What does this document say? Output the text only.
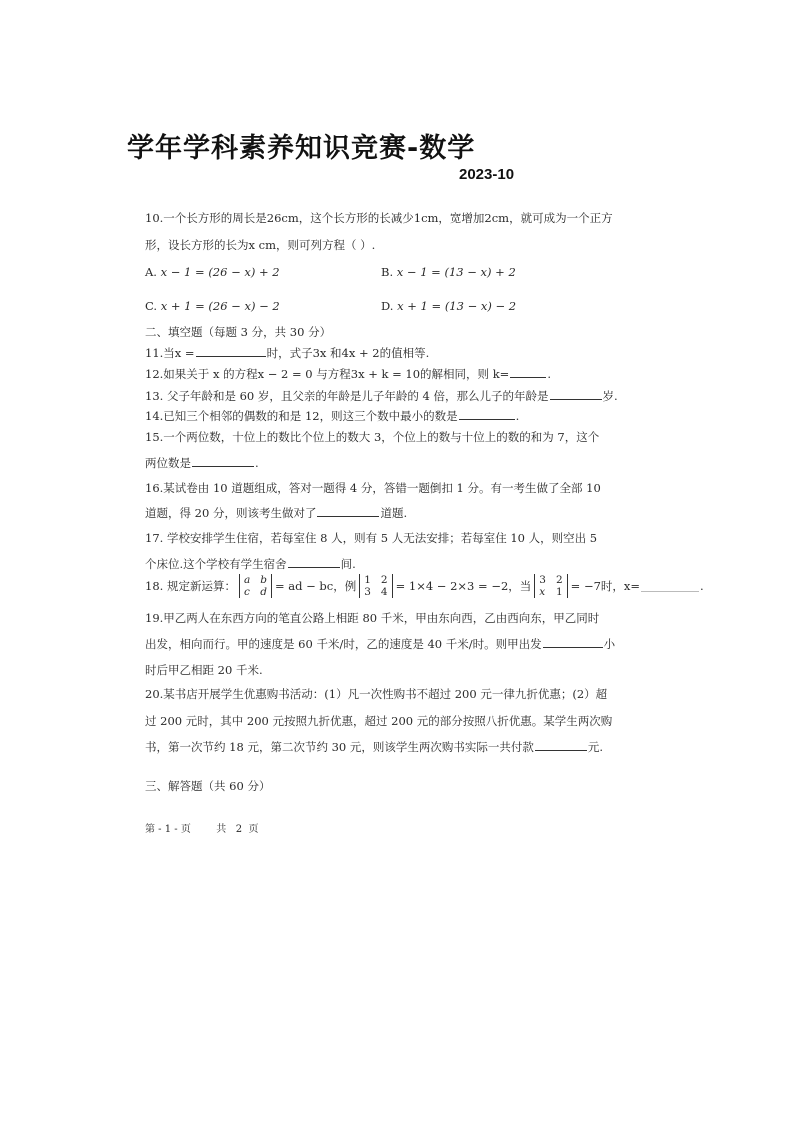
学年学科素养知识竞赛-数学
2023-10
10.一个长方形的周长是26cm，这个长方形的长减少1cm，宽增加2cm，就可成为一个正方
形，设长方形的长为x cm，则可列方程（ ）.
A. x − 1 = (26 − x) + 2	B. x − 1 = (13 − x) + 2
C. x + 1 = (26 − x) − 2	D. x + 1 = (13 − x) − 2
二、填空题（每题 3 分，共 30 分）
11.当x =	时，式子3x 和4x + 2的值相等.
12.如果关于 x 的方程x − 2 = 0 与方程3x + k = 10的解相同，则 k=	.
13. 父子年龄和是 60 岁，且父亲的年龄是儿子年龄的 4 倍，那么儿子的年龄是	岁.
14.已知三个相邻的偶数的和是 12，则这三个数中最小的数是	.
15.一个两位数，十位上的数比个位上的数大 3，个位上的数与十位上的数的和为 7，这个
两位数是	.
16.某试卷由 10 道题组成，答对一题得 4 分，答错一题倒扣 1 分。有一考生做了全部 10
道题，得 20 分，则该考生做对了	道题.
17. 学校安排学生住宿，若每室住 8 人，则有 5 人无法安排；若每室住 10 人，则空出 5
个床位.这个学校有学生宿舍	间.
18. 规定新运算： a b
c d = ad − bc，例 1 2
3 4 = 1×4 − 2×3 = −2，当 3 2
x 1 = −7时，x=	.
19.甲乙两人在东西方向的笔直公路上相距 80 千米，甲由东向西，乙由西向东，甲乙同时
出发，相向而行。甲的速度是 60 千米/时，乙的速度是 40 千米/时。则甲出发	小
时后甲乙相距 20 千米.
20.某书店开展学生优惠购书活动：(1）凡一次性购书不超过 200 元一律九折优惠；(2）超
过 200 元时，其中 200 元按照九折优惠，超过 200 元的部分按照八折优惠。某学生两次购
书，第一次节约 18 元，第二次节约 30 元，则该学生两次购书实际一共付款	元.
三、解答题（共 60 分）
第 - 1 - 页        共   2  页
